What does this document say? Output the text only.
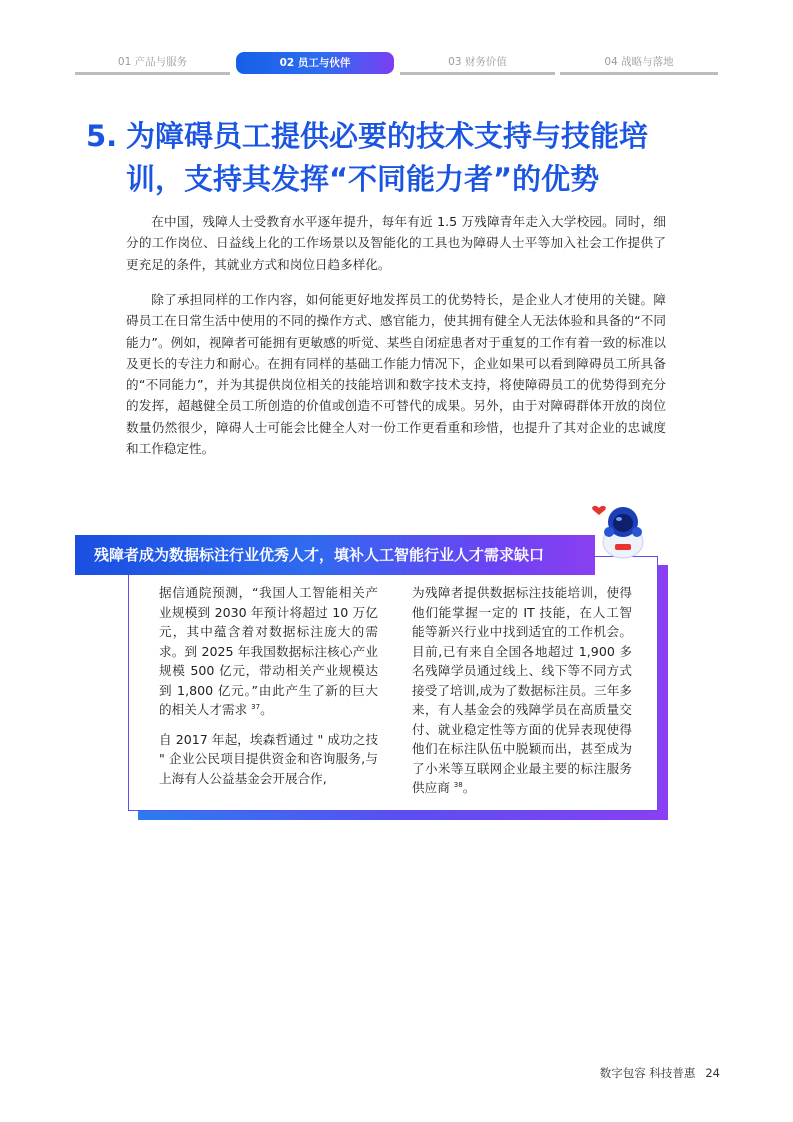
01 产品与服务	02 员工与伙伴	03 财务价值	04 战略与落地
5. 为障碍员工提供必要的技术支持与技能培
训，支持其发挥“不同能力者”的优势
在中国，残障人士受教育水平逐年提升，每年有近 1.5 万残障青年走入大学校园。同时，细分的工作岗位、日益线上化的工作场景以及智能化的工具也为障碍人士平等加入社会工作提供了更充足的条件，其就业方式和岗位日趋多样化。
除了承担同样的工作内容，如何能更好地发挥员工的优势特长，是企业人才使用的关键。障碍员工在日常生活中使用的不同的操作方式、感官能力，使其拥有健全人无法体验和具备的“不同能力”。例如，视障者可能拥有更敏感的听觉、某些自闭症患者对于重复的工作有着一致的标准以及更长的专注力和耐心。在拥有同样的基础工作能力情况下，企业如果可以看到障碍员工所具备的“不同能力”，并为其提供岗位相关的技能培训和数字技术支持，将使障碍员工的优势得到充分的发挥，超越健全员工所创造的价值或创造不可替代的成果。另外，由于对障碍群体开放的岗位数量仍然很少，障碍人士可能会比健全人对一份工作更看重和珍惜，也提升了其对企业的忠诚度和工作稳定性。
残障者成为数据标注行业优秀人才，填补人工智能行业人才需求缺口

据信通院预测，“我国人工智能相关产业规模到 2030 年预计将超过 10 万亿元，其中蕴含着对数据标注庞大的需求。到 2025 年我国数据标注核心产业规模 500 亿元，带动相关产业规模达到 1,800 亿元。”由此产生了新的巨大的相关人才需求 $^{37}$。

自 2017 年起，埃森哲通过 " 成功之技 " 企业公民项目提供资金和咨询服务,与上海有人公益基金会开展合作,

为残障者提供数据标注技能培训，使得他们能掌握一定的 IT 技能，在人工智能等新兴行业中找到适宜的工作机会。目前,已有来自全国各地超过 1,900 多名残障学员通过线上、线下等不同方式接受了培训,成为了数据标注员。三年多来，有人基金会的残障学员在高质量交付、就业稳定性等方面的优异表现使得他们在标注队伍中脱颖而出，甚至成为了小米等互联网企业最主要的标注服务供应商 $^{38}$。

数字包容 科技普惠 24
